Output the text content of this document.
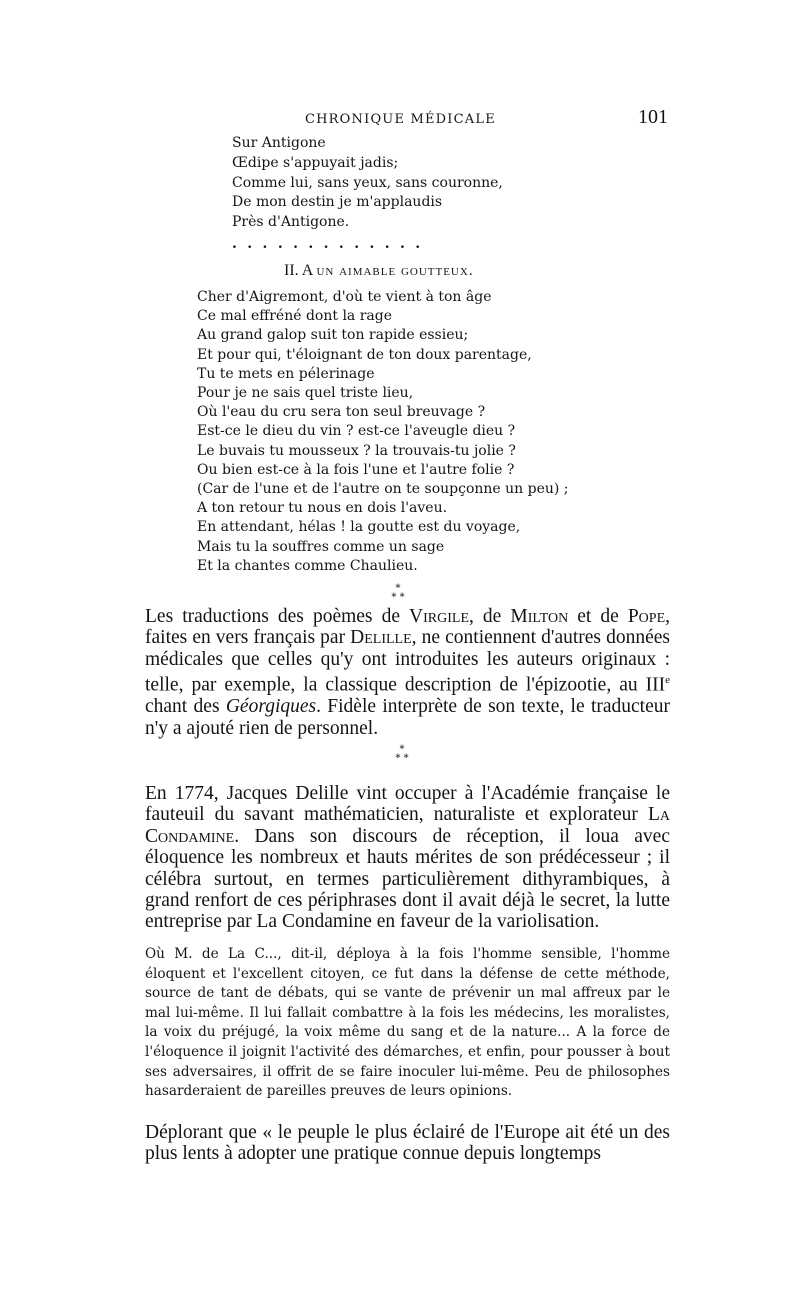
CHRONIQUE MÉDICALE	101
Sur Antigone
Œdipe s'appuyait jadis;
Comme lui, sans yeux, sans couronne,
De mon destin je m'applaudis
Près d'Antigone.
.............
II. A un aimable goutteux.
Cher d'Aigremont, d'où te vient à ton âge
Ce mal effréné dont la rage
Au grand galop suit ton rapide essieu;
Et pour qui, t'éloignant de ton doux parentage,
Tu te mets en pélerinage
Pour je ne sais quel triste lieu,
Où l'eau du cru sera ton seul breuvage ?
Est-ce le dieu du vin ? est-ce l'aveugle dieu ?
Le buvais tu mousseux ? la trouvais-tu jolie ?
Ou bien est-ce à la fois l'une et l'autre folie ?
(Car de l'une et de l'autre on te soupçonne un peu) ;
A ton retour tu nous en dois l'aveu.
En attendant, hélas ! la goutte est du voyage,
Mais tu la souffres comme un sage
Et la chantes comme Chaulieu.
*
* *
Les traductions des poèmes de Virgile, de Milton et de Pope, faites en vers français par Delille, ne contiennent d'autres données médicales que celles qu'y ont introduites les auteurs originaux : telle, par exemple, la classique description de l'épizootie, au IIIe chant des Géorgiques. Fidèle interprète de son texte, le traducteur n'y a ajouté rien de personnel.
*
* *
En 1774, Jacques Delille vint occuper à l'Académie française le fauteuil du savant mathématicien, naturaliste et explorateur La Condamine. Dans son discours de réception, il loua avec éloquence les nombreux et hauts mérites de son prédécesseur ; il célébra surtout, en termes particulièrement dithyrambiques, à grand renfort de ces périphrases dont il avait déjà le secret, la lutte entreprise par La Condamine en faveur de la variolisation.
Où M. de La C..., dit-il, déploya à la fois l'homme sensible, l'homme éloquent et l'excellent citoyen, ce fut dans la défense de cette méthode, source de tant de débats, qui se vante de prévenir un mal affreux par le mal lui-même. Il lui fallait combattre à la fois les médecins, les moralistes, la voix du préjugé, la voix même du sang et de la nature... A la force de l'éloquence il joignit l'activité des démarches, et enfin, pour pousser à bout ses adversaires, il offrit de se faire inoculer lui-même. Peu de philosophes hasarderaient de pareilles preuves de leurs opinions.
Déplorant que « le peuple le plus éclairé de l'Europe ait été un des plus lents à adopter une pratique connue depuis longtemps
